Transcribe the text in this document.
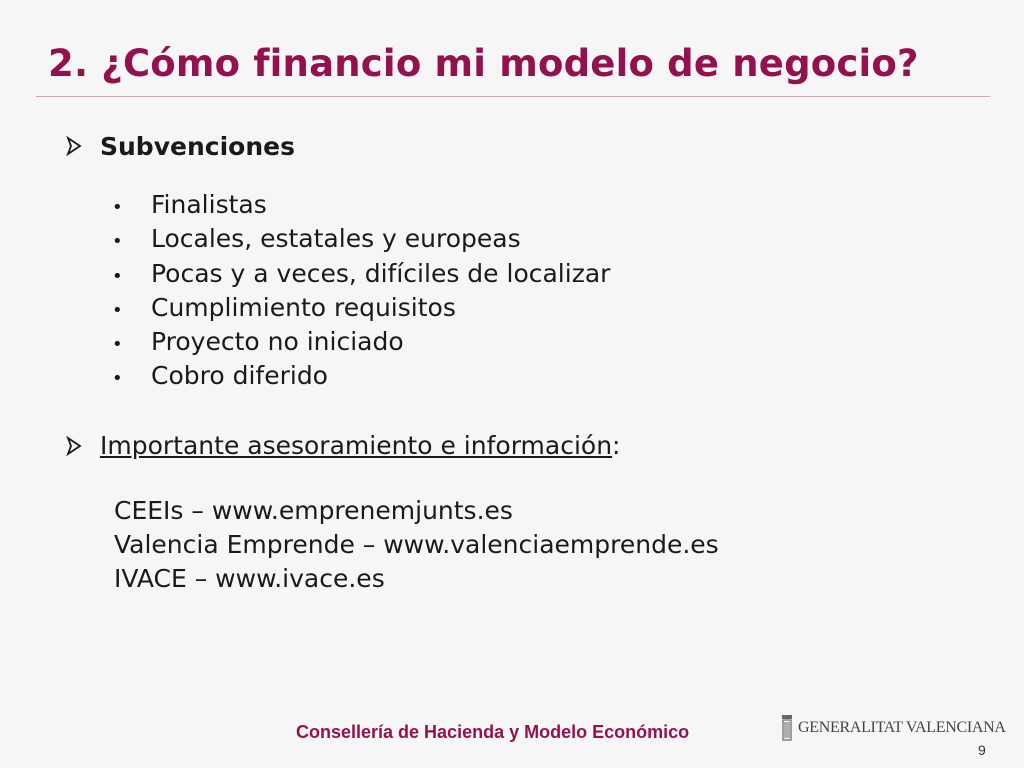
2. ¿Cómo financio mi modelo de negocio?
Subvenciones
•	Finalistas
•	Locales, estatales y europeas
•	Pocas y a veces, difíciles de localizar
•	Cumplimiento requisitos
•	Proyecto no iniciado
•	Cobro diferido
Importante asesoramiento e información:
CEEIs – www.emprenemjunts.es
Valencia Emprende – www.valenciaemprende.es
IVACE – www.ivace.es
Consellería de Hacienda y Modelo Económico	GENERALITAT VALENCIANA
9
